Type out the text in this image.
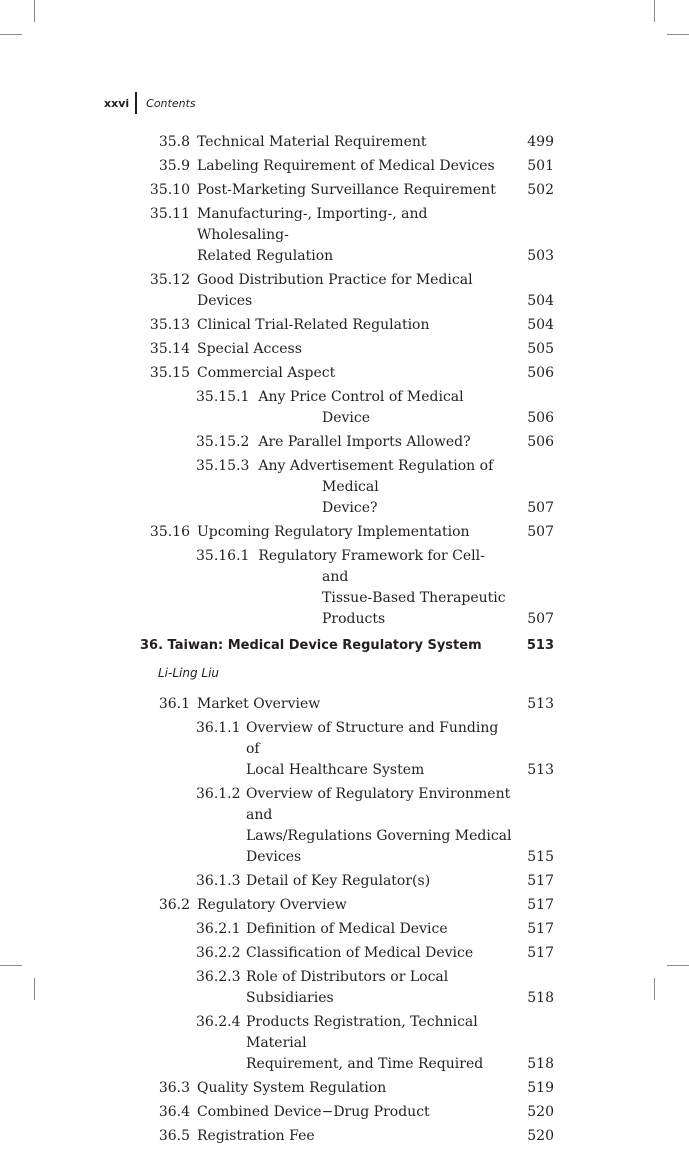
xxvi Contents
35.8 Technical Material Requirement	499
35.9 Labeling Requirement of Medical Devices	501
35.10 Post-Marketing Surveillance Requirement	502
35.11 Manufacturing-, Importing-, and Wholesaling-
Related Regulation	503
35.12 Good Distribution Practice for Medical Devices	504
35.13 Clinical Trial-Related Regulation	504
35.14 Special Access	505
35.15 Commercial Aspect	506
35.15.1 Any Price Control of Medical Device	506
35.15.2 Are Parallel Imports Allowed?	506
35.15.3 Any Advertisement Regulation of Medical
Device?	507
35.16 Upcoming Regulatory Implementation	507
35.16.1 Regulatory Framework for Cell- and
Tissue-Based Therapeutic Products	507
36. Taiwan: Medical Device Regulatory System	513
Li-Ling Liu
36.1 Market Overview	513
36.1.1 Overview of Structure and Funding of
Local Healthcare System	513
36.1.2 Overview of Regulatory Environment and
Laws/Regulations Governing Medical
Devices	515
36.1.3 Detail of Key Regulator(s)	517
36.2 Regulatory Overview	517
36.2.1 Definition of Medical Device	517
36.2.2 Classification of Medical Device	517
36.2.3 Role of Distributors or Local Subsidiaries	518
36.2.4 Products Registration, Technical Material
Requirement, and Time Required	518
36.3 Quality System Regulation	519
36.4 Combined Device−Drug Product	520
36.5 Registration Fee	520
